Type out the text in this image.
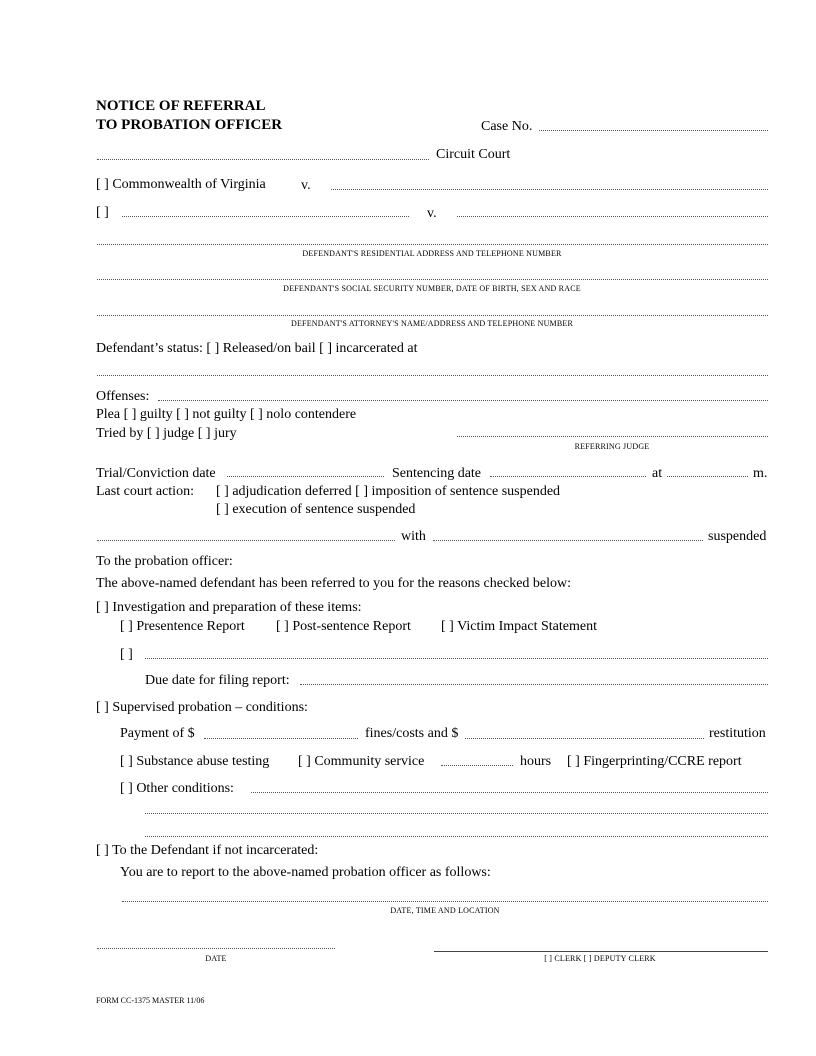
NOTICE OF REFERRAL
TO PROBATION OFFICER	Case No.
Circuit Court
[ ] Commonwealth of Virginia	v.
[ ]	v.
DEFENDANT'S RESIDENTIAL ADDRESS AND TELEPHONE NUMBER
DEFENDANT'S SOCIAL SECURITY NUMBER, DATE OF BIRTH, SEX AND RACE
DEFENDANT'S ATTORNEY'S NAME/ADDRESS AND TELEPHONE NUMBER
Defendant’s status: [ ] Released/on bail [ ] incarcerated at
Offenses:
Plea [ ] guilty [ ] not guilty [ ] nolo contendere
Tried by [ ] judge [ ] jury
REFERRING JUDGE
Trial/Conviction date	Sentencing date	at	m.
Last court action: [ ] adjudication deferred [ ] imposition of sentence suspended
[ ] execution of sentence suspended
with	suspended
To the probation officer:
The above-named defendant has been referred to you for the reasons checked below:
[ ] Investigation and preparation of these items:
[ ] Presentence Report [ ] Post-sentence Report [ ] Victim Impact Statement
[ ]
Due date for filing report:
[ ] Supervised probation – conditions:
Payment of $	fines/costs and $	restitution
[ ] Substance abuse testing [ ] Community service	hours [ ] Fingerprinting/CCRE report
[ ] Other conditions:
[ ] To the Defendant if not incarcerated:
You are to report to the above-named probation officer as follows:
DATE, TIME AND LOCATION
DATE	[ ] CLERK [ ] DEPUTY CLERK
FORM CC-1375 MASTER 11/06
